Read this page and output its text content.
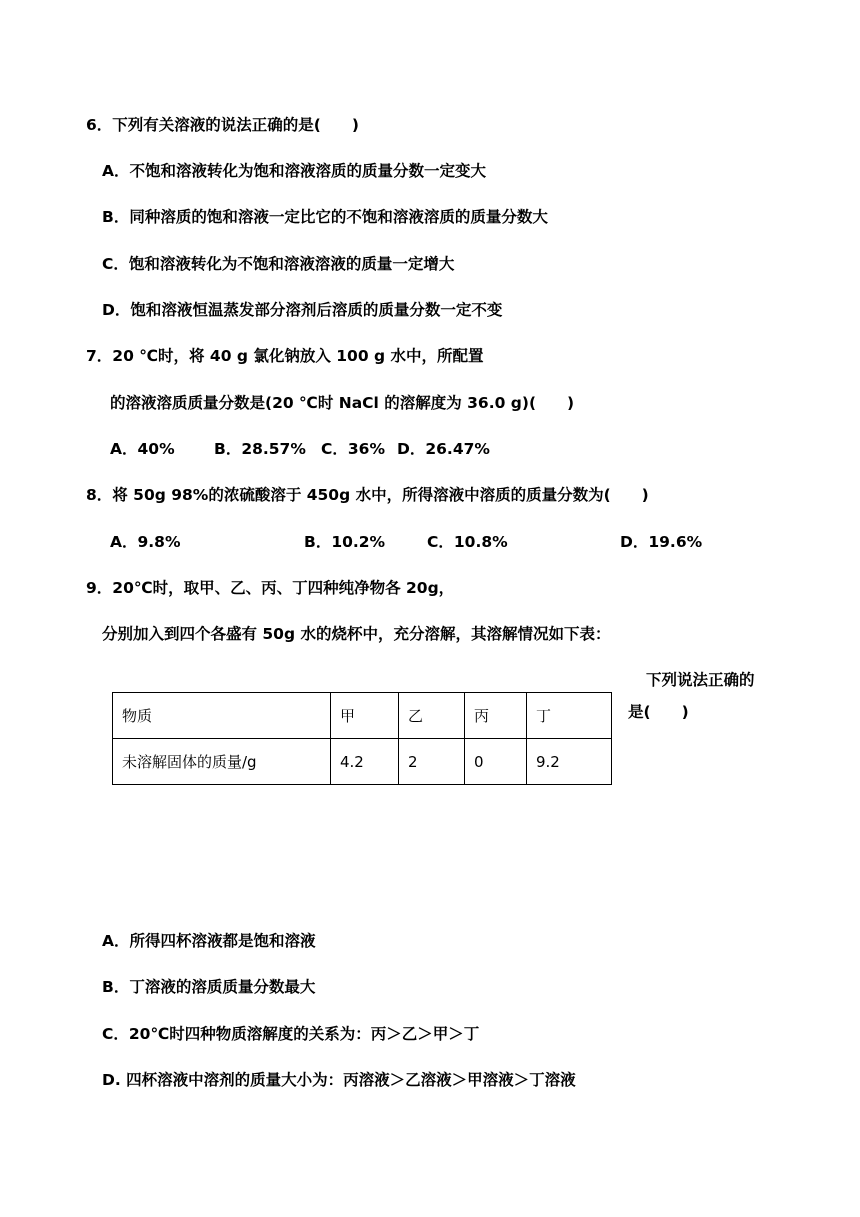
6．下列有关溶液的说法正确的是(　　)
A．不饱和溶液转化为饱和溶液溶质的质量分数一定变大
B．同种溶质的饱和溶液一定比它的不饱和溶液溶质的质量分数大
C．饱和溶液转化为不饱和溶液溶液的质量一定增大
D．饱和溶液恒温蒸发部分溶剂后溶质的质量分数一定不变
7．20 ℃时，将 40 g 氯化钠放入 100 g 水中，所配置
的溶液溶质质量分数是(20 ℃时 NaCl 的溶解度为 36.0 g)(　　)
A．40%	B．28.57% C．36% D．26.47%
8．将 50g 98%的浓硫酸溶于 450g 水中，所得溶液中溶质的质量分数为(　　)
A．9.8%	B．10.2%	C．10.8%	D．19.6%
9．20℃时，取甲、乙、丙、丁四种纯净物各 20g，
分别加入到四个各盛有 50g 水的烧杯中，充分溶解，其溶解情况如下表：
下列说法正确的
是(　　)
物质	甲	乙	丙	丁
未溶解固体的质量/g	4.2	2	0	9.2
A．所得四杯溶液都是饱和溶液
B．丁溶液的溶质质量分数最大
C．20℃时四种物质溶解度的关系为：丙＞乙＞甲＞丁
D. 四杯溶液中溶剂的质量大小为：丙溶液＞乙溶液＞甲溶液＞丁溶液
